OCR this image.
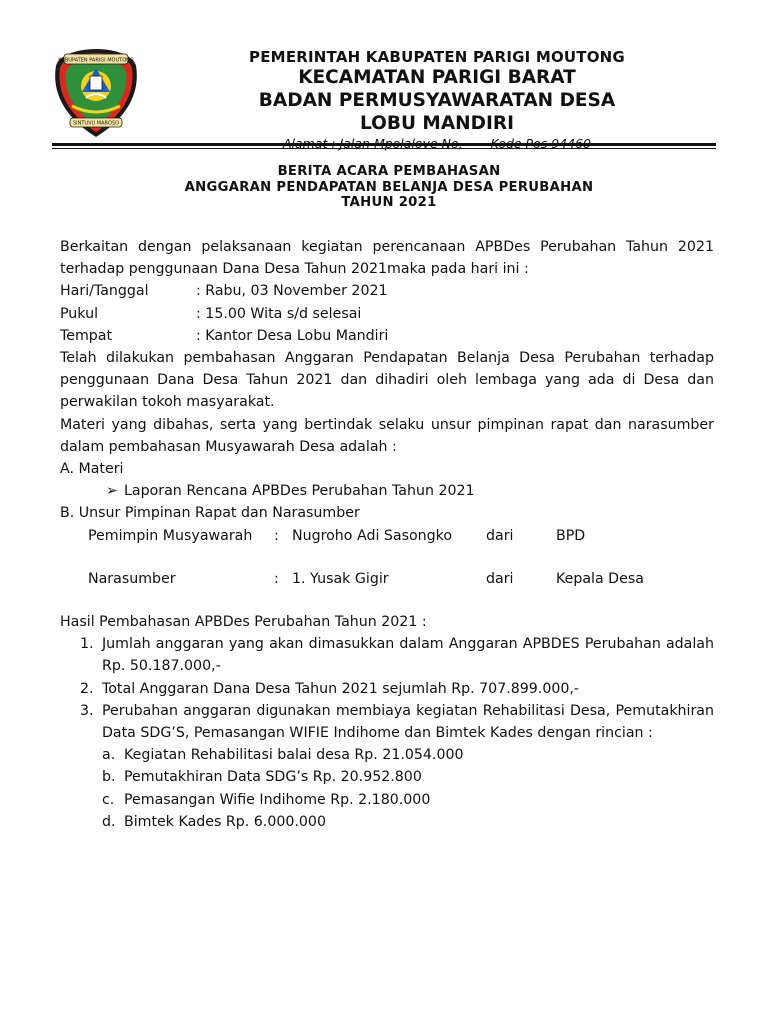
KABUPATEN PARIGI MOUTONG
SINTUVU MAROSO
PEMERINTAH KABUPATEN PARIGI MOUTONG
KECAMATAN PARIGI BARAT
BADAN PERMUSYAWARATAN DESA
LOBU MANDIRI

BERITA ACARA PEMBAHASAN
ANGGARAN PENDAPATAN BELANJA DESA PERUBAHAN
TAHUN 2021
Berkaitan dengan pelaksanaan kegiatan perencanaan APBDes Perubahan Tahun 2021 terhadap penggunaan Dana Desa Tahun 2021maka pada hari ini :
Hari/Tanggal	: Rabu, 03 November 2021
Pukul	: 15.00 Wita s/d selesai
Tempat	: Kantor Desa Lobu Mandiri
Telah dilakukan pembahasan Anggaran Pendapatan Belanja Desa Perubahan terhadap penggunaan Dana Desa Tahun 2021 dan dihadiri oleh lembaga yang ada di Desa dan perwakilan tokoh masyarakat.
Materi yang dibahas, serta yang bertindak selaku unsur pimpinan rapat dan narasumber dalam pembahasan Musyawarah Desa adalah :
A. Materi
➢ Laporan Rencana APBDes Perubahan Tahun 2021
B. Unsur Pimpinan Rapat dan Narasumber
Pemimpin Musyawarah	: Nugroho Adi Sasongko	dari	BPD
Narasumber	: 1. Yusak Gigir	dari	Kepala Desa
Hasil Pembahasan APBDes Perubahan Tahun 2021 :
1. Jumlah anggaran yang akan dimasukkan dalam Anggaran APBDES Perubahan adalah Rp. 50.187.000,-
2. Total Anggaran Dana Desa Tahun 2021 sejumlah Rp. 707.899.000,-
3. Perubahan anggaran digunakan membiaya kegiatan Rehabilitasi Desa, Pemutakhiran Data SDG’S, Pemasangan WIFIE Indihome dan Bimtek Kades dengan rincian :
a. Kegiatan Rehabilitasi balai desa Rp. 21.054.000
b. Pemutakhiran Data SDG’s Rp. 20.952.800
c. Pemasangan Wifie Indihome Rp. 2.180.000
d. Bimtek Kades Rp. 6.000.000
